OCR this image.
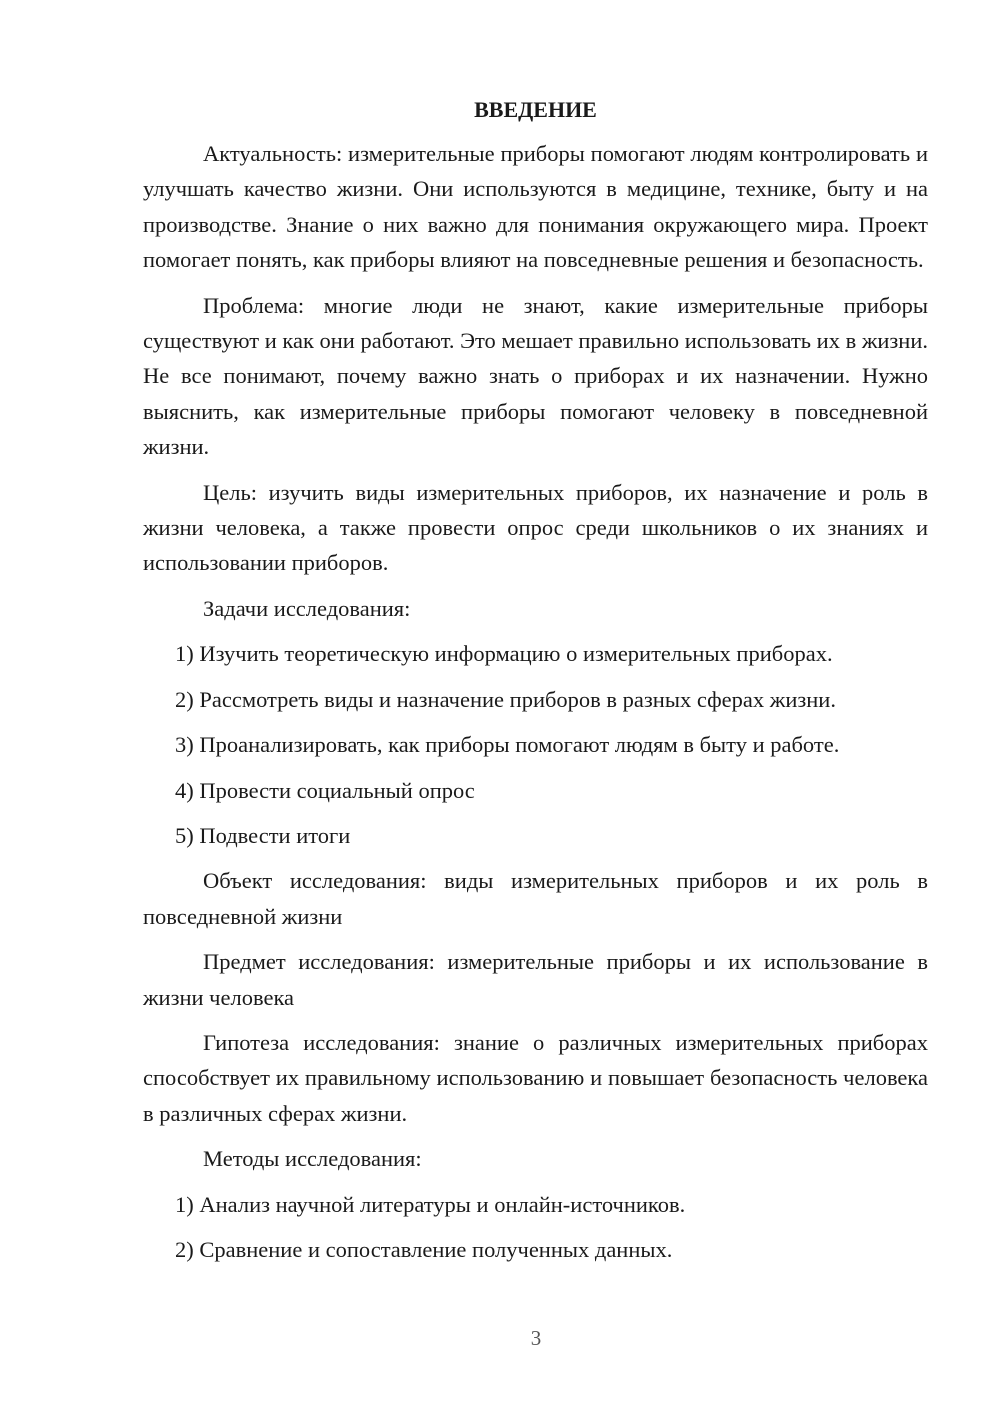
ВВЕДЕНИЕ

Актуальность: измерительные приборы помогают людям контролировать и улучшать качество жизни. Они используются в медицине, технике, быту и на производстве. Знание о них важно для понимания окружающего мира. Проект помогает понять, как приборы влияют на повседневные решения и безопасность.

Проблема: многие люди не знают, какие измерительные приборы существуют и как они работают. Это мешает правильно использовать их в жизни. Не все понимают, почему важно знать о приборах и их назначении. Нужно выяснить, как измерительные приборы помогают человеку в повседневной жизни.

Цель: изучить виды измерительных приборов, их назначение и роль в жизни человека, а также провести опрос среди школьников о их знаниях и использовании приборов.

Задачи исследования:

1) Изучить теоретическую информацию о измерительных приборах.

2) Рассмотреть виды и назначение приборов в разных сферах жизни.

3) Проанализировать, как приборы помогают людям в быту и работе.

4) Провести социальный опрос

5) Подвести итоги

Объект исследования: виды измерительных приборов и их роль в повседневной жизни

Предмет исследования: измерительные приборы и их использование в жизни человека

Гипотеза исследования: знание о различных измерительных приборах способствует их правильному использованию и повышает безопасность человека в различных сферах жизни.

Методы исследования:

1) Анализ научной литературы и онлайн-источников.

2) Сравнение и сопоставление полученных данных.

3
